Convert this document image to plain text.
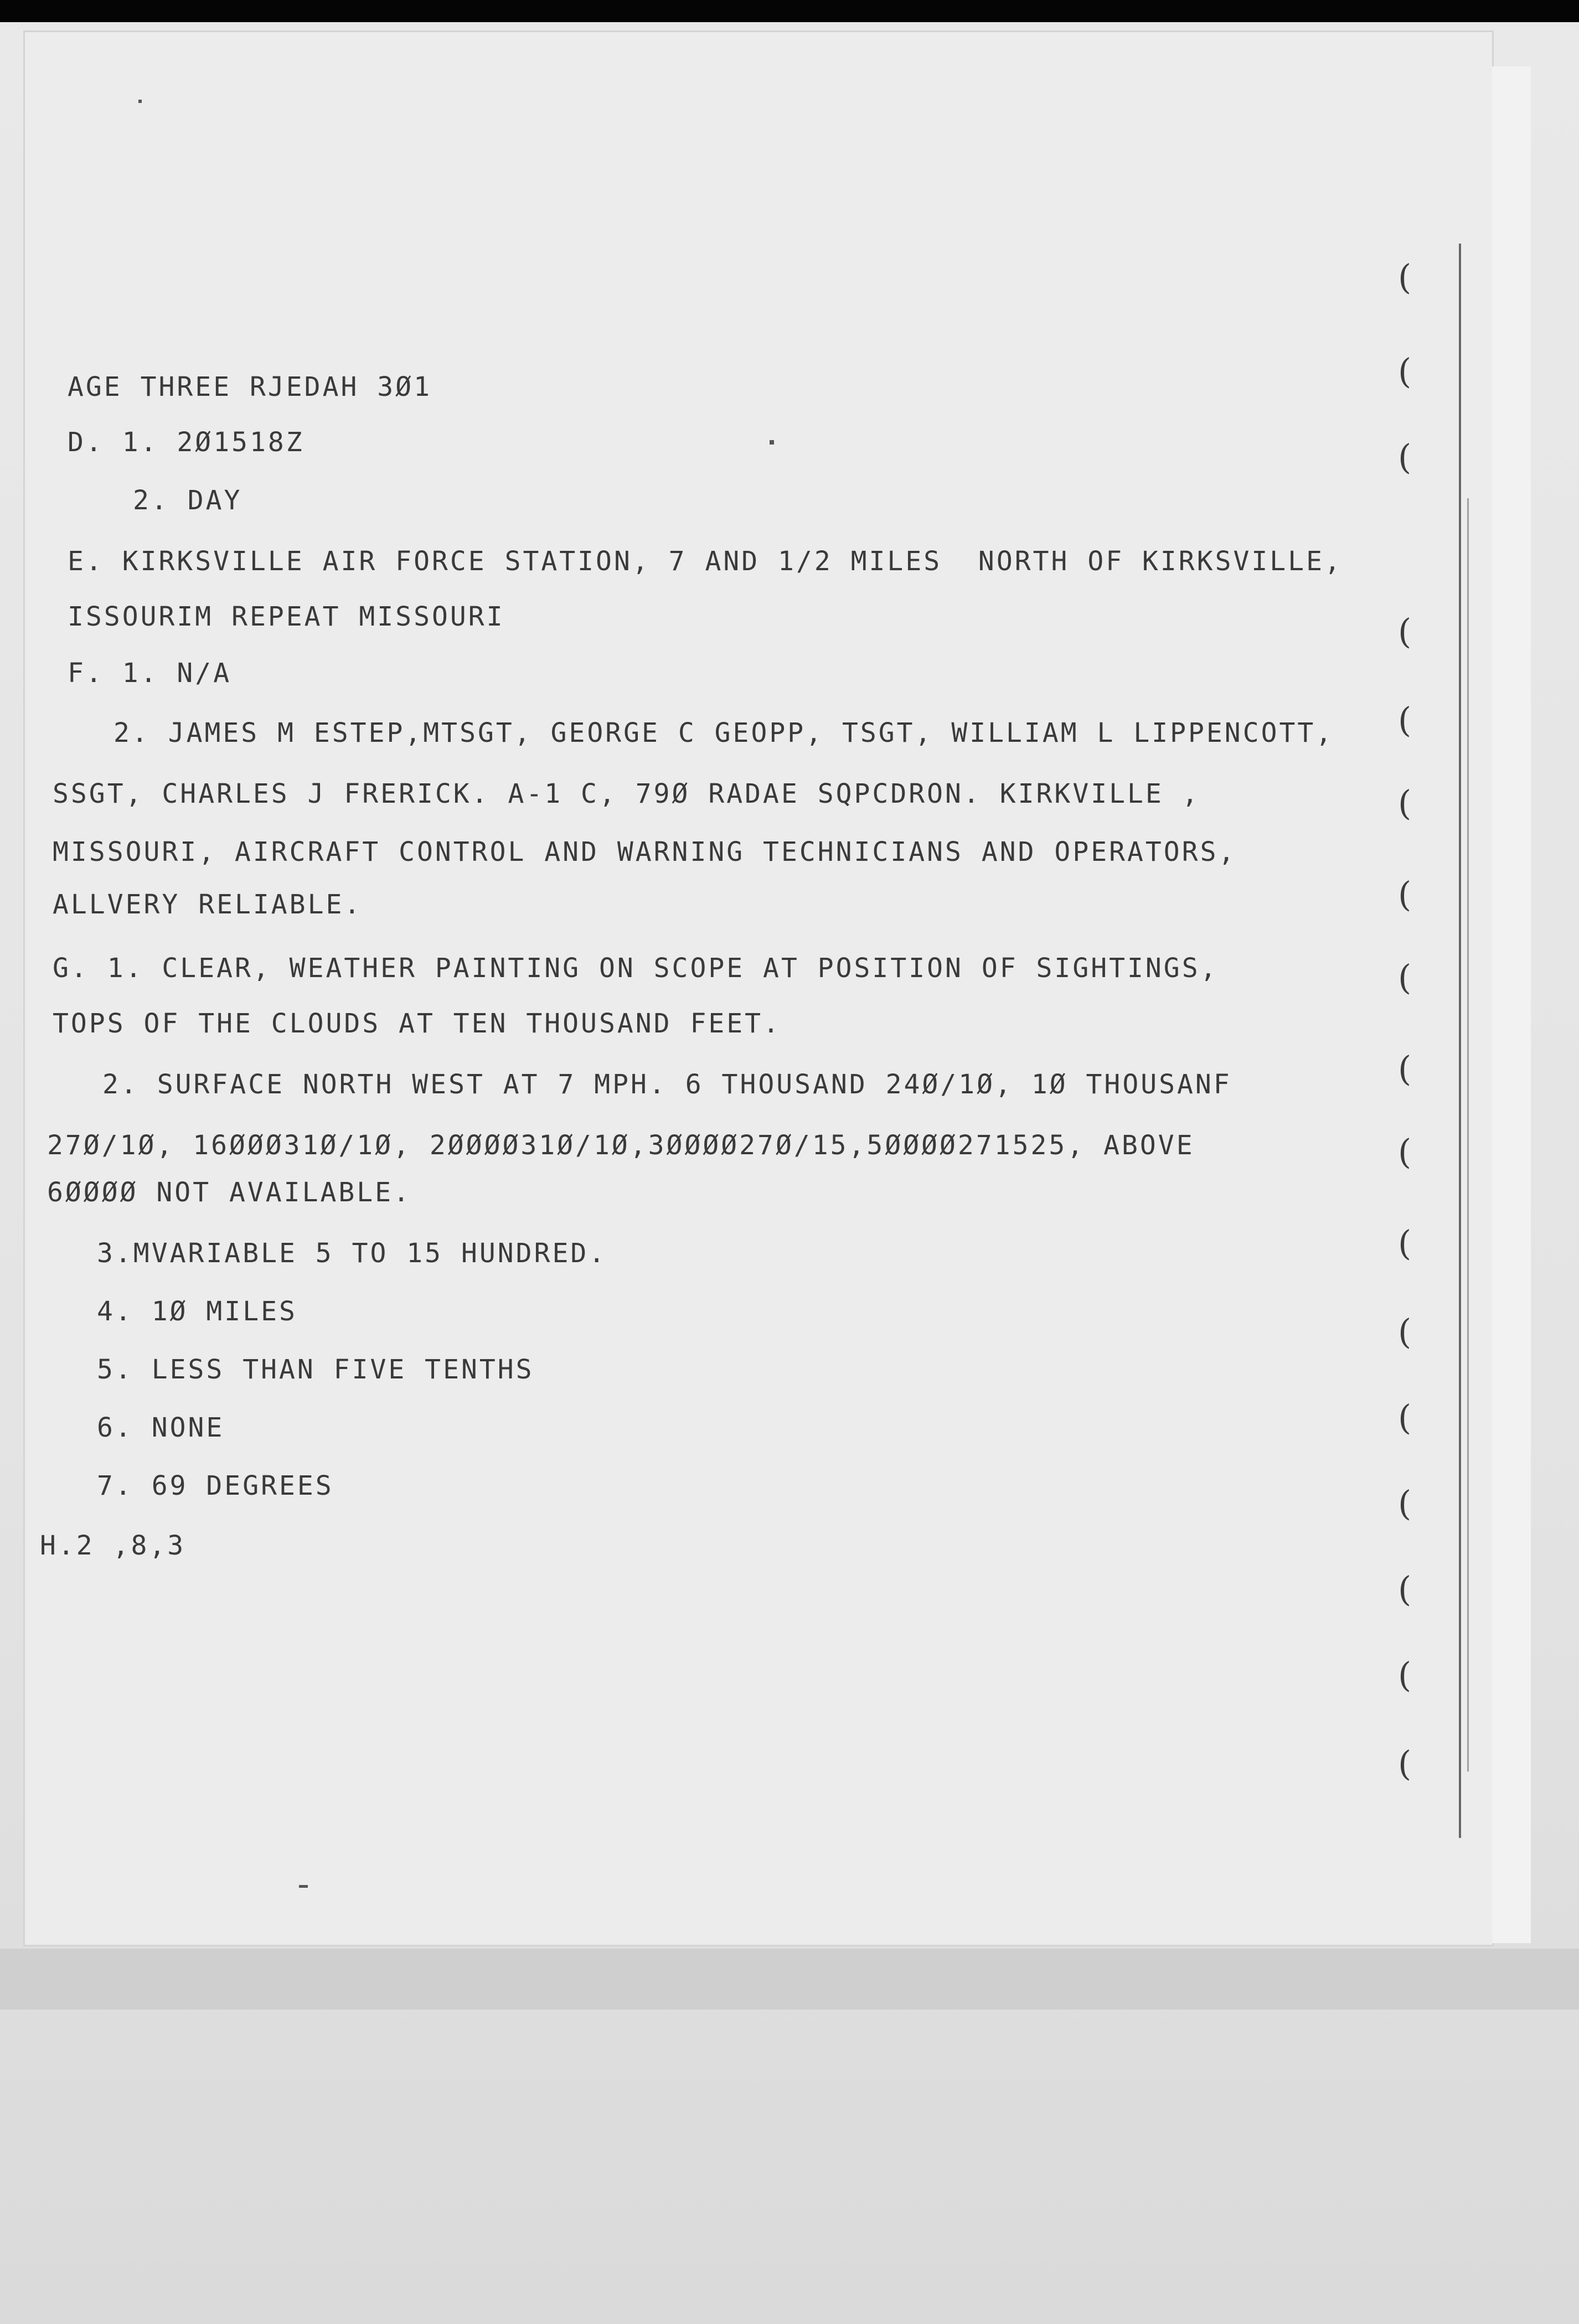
(
(
(
(
(
(
(
(
(
(
(
(
(
(
(
(
(
AGE THREE RJEDAH 3Ø1
D. 1. 2Ø1518Z
2. DAY
E. KIRKSVILLE AIR FORCE STATION, 7 AND 1/2 MILES  NORTH OF KIRKSVILLE,
ISSOURIM REPEAT MISSOURI
F. 1. N/A
2. JAMES M ESTEP,MTSGT, GEORGE C GEOPP, TSGT, WILLIAM L LIPPENCOTT,
SSGT, CHARLES J FRERICK. A-1 C, 79Ø RADAE SQPCDRON. KIRKVILLE ,
MISSOURI, AIRCRAFT CONTROL AND WARNING TECHNICIANS AND OPERATORS,
ALLVERY RELIABLE.
G. 1. CLEAR, WEATHER PAINTING ON SCOPE AT POSITION OF SIGHTINGS,
TOPS OF THE CLOUDS AT TEN THOUSAND FEET.
2. SURFACE NORTH WEST AT 7 MPH. 6 THOUSAND 24Ø/1Ø, 1Ø THOUSANF
27Ø/1Ø, 16ØØØ31Ø/1Ø, 2ØØØØ31Ø/1Ø,3ØØØØ27Ø/15,5ØØØØ271525, ABOVE
6ØØØØ NOT AVAILABLE.
3.MVARIABLE 5 TO 15 HUNDRED.
4. 1Ø MILES
5. LESS THAN FIVE TENTHS
6. NONE
7. 69 DEGREES
H.2 ,8,3
